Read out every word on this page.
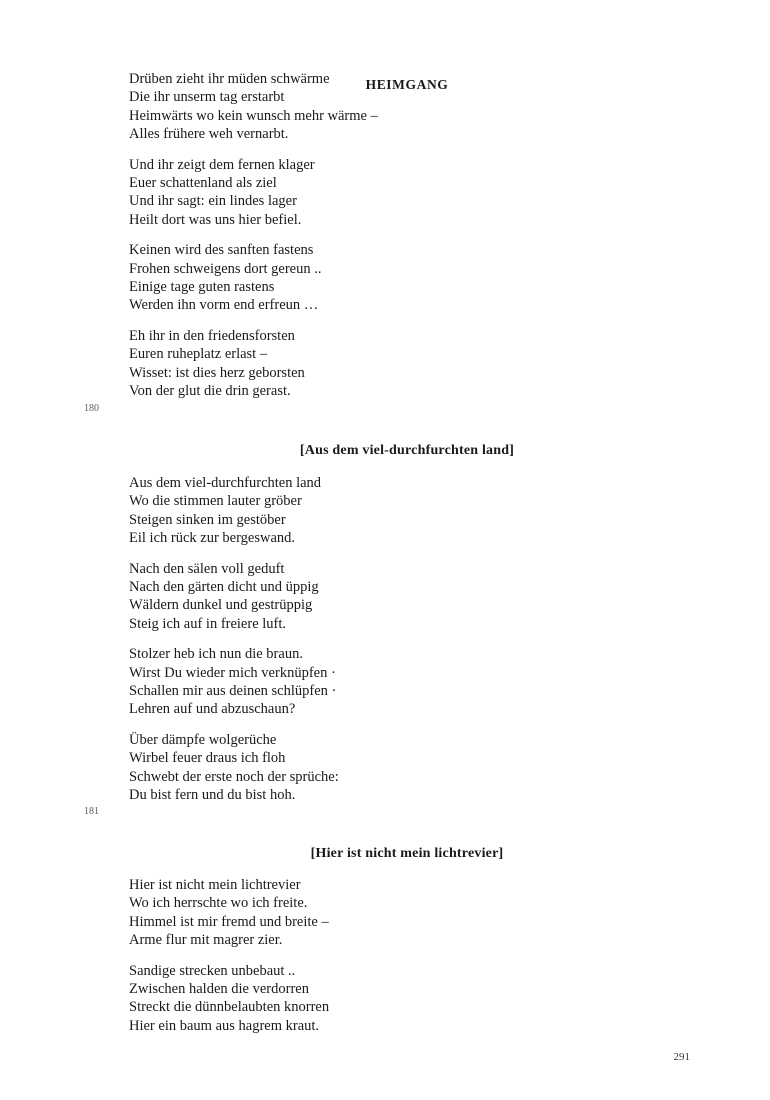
HEIMGANG
Drüben zieht ihr müden schwärme
Die ihr unserm tag erstarbt
Heimwärts wo kein wunsch mehr wärme –
Alles frühere weh vernarbt.
Und ihr zeigt dem fernen klager
Euer schattenland als ziel
Und ihr sagt: ein lindes lager
Heilt dort was uns hier befiel.
Keinen wird des sanften fastens
Frohen schweigens dort gereun ..
Einige tage guten rastens
Werden ihn vorm end erfreun …
Eh ihr in den friedensforsten
Euren ruheplatz erlast –
Wisset: ist dies herz geborsten
Von der glut die drin gerast.
180
[Aus dem viel-durchfurchten land]
Aus dem viel-durchfurchten land
Wo die stimmen lauter gröber
Steigen sinken im gestöber
Eil ich rück zur bergeswand.
Nach den sälen voll geduft
Nach den gärten dicht und üppig
Wäldern dunkel und gestrüppig
Steig ich auf in freiere luft.
Stolzer heb ich nun die braun.
Wirst Du wieder mich verknüpfen ·
Schallen mir aus deinen schlüpfen ·
Lehren auf und abzuschaun?
Über dämpfe wolgerüche
Wirbel feuer draus ich floh
Schwebt der erste noch der sprüche:
Du bist fern und du bist hoh.
181
[Hier ist nicht mein lichtrevier]
Hier ist nicht mein lichtrevier
Wo ich herrschte wo ich freite.
Himmel ist mir fremd und breite –
Arme flur mit magrer zier.
Sandige strecken unbebaut ..
Zwischen halden die verdorren
Streckt die dünnbelaubten knorren
Hier ein baum aus hagrem kraut.
291
